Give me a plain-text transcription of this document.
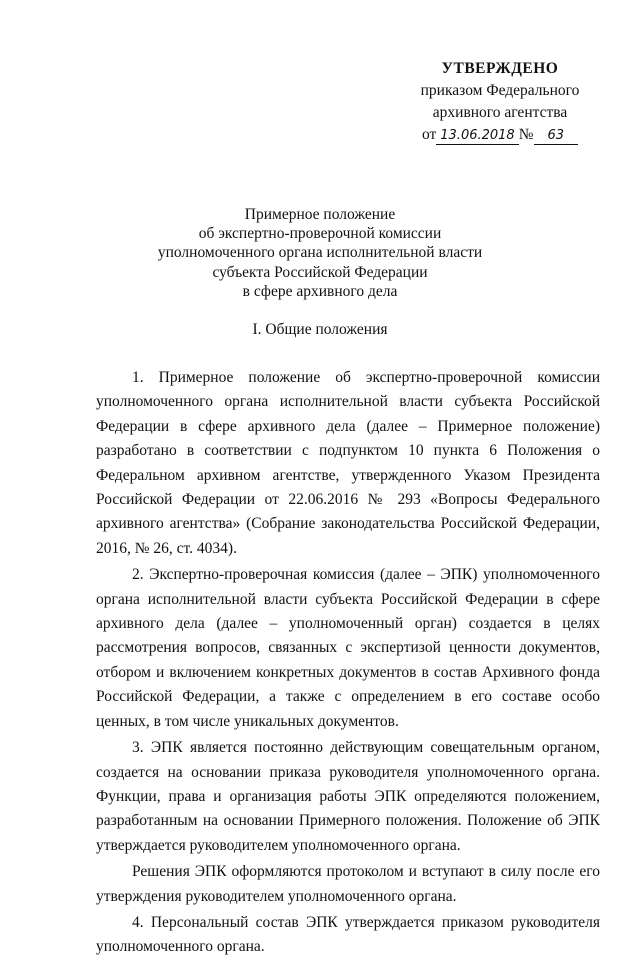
УТВЕРЖДЕНО
приказом Федерального
архивного агентства
от 13.06.2018 № 63
Примерное положение
об экспертно-проверочной комиссии
уполномоченного органа исполнительной власти
субъекта Российской Федерации
в сфере архивного дела
I. Общие положения

1. Примерное положение об экспертно-проверочной комиссии уполномоченного органа исполнительной власти субъекта Российской Федерации в сфере архивного дела (далее – Примерное положение) разработано в соответствии с подпунктом 10 пункта 6 Положения о Федеральном архивном агентстве, утвержденного Указом Президента Российской Федерации от 22.06.2016 № 293 «Вопросы Федерального архивного агентства» (Собрание законодательства Российской Федерации, 2016, № 26, ст. 4034).

2. Экспертно-проверочная комиссия (далее – ЭПК) уполномоченного органа исполнительной власти субъекта Российской Федерации в сфере архивного дела (далее – уполномоченный орган) создается в целях рассмотрения вопросов, связанных с экспертизой ценности документов, отбором и включением конкретных документов в состав Архивного фонда Российской Федерации, а также с определением в его составе особо ценных, в том числе уникальных документов.

3. ЭПК является постоянно действующим совещательным органом, создается на основании приказа руководителя уполномоченного органа. Функции, права и организация работы ЭПК определяются положением, разработанным на основании Примерного положения. Положение об ЭПК утверждается руководителем уполномоченного органа.

Решения ЭПК оформляются протоколом и вступают в силу после его утверждения руководителем уполномоченного органа.

4. Персональный состав ЭПК утверждается приказом руководителя уполномоченного органа.
